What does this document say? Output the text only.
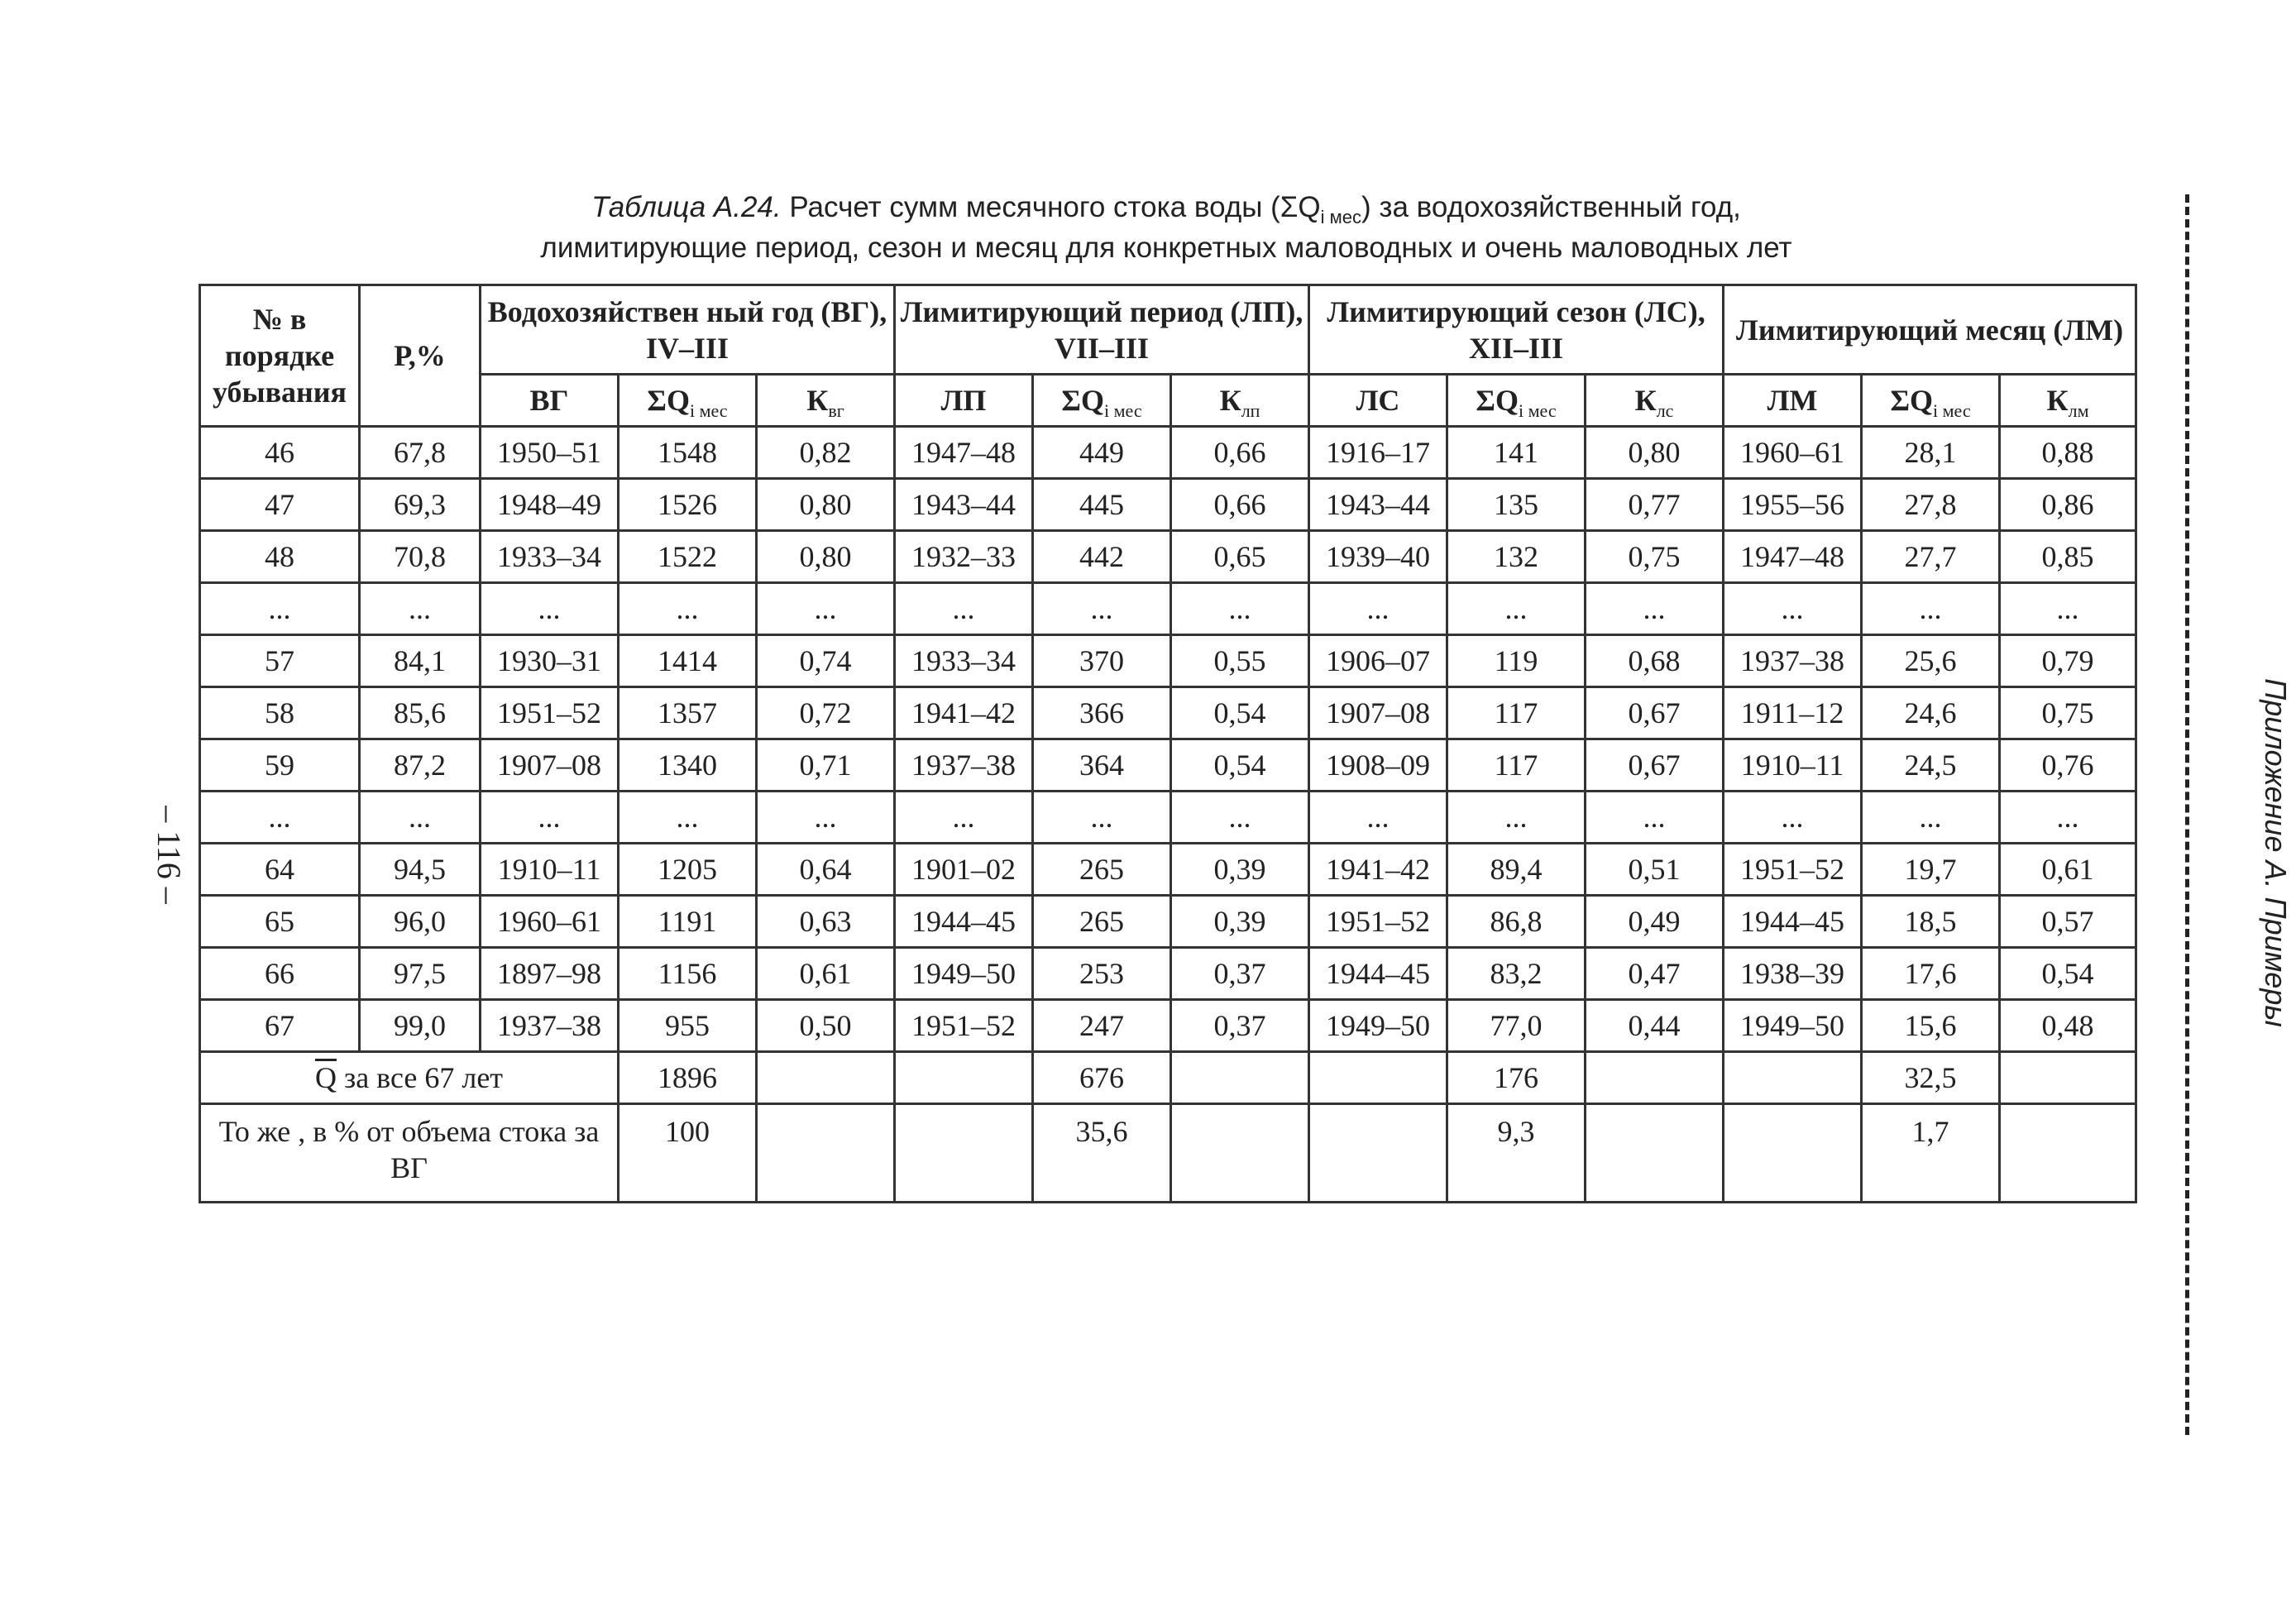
Таблица А.24. Расчет сумм месячного стока воды $(\Sigma Q_{i мес})$ за водохозяйственный год,
лимитирующие период, сезон и месяц для конкретных маловодных и очень маловодных лет
№ в порядке убывания	Р,%	Водохозяйствен ный год (ВГ), IV–III			Лимитирующий период (ЛП), VII–III			Лимитирующий сезон (ЛС), XII–III			Лимитирующий месяц (ЛМ)		
		ВГ	$\Sigma Q_{i мес}$	$К_{вг}$	ЛП	$\Sigma Q_{i мес}$	$К_{лп}$	ЛС	$\Sigma Q_{i мес}$	$К_{лс}$	ЛМ	$\Sigma Q_{i мес}$	$К_{лм}$
46	67,8	1950–51	1548	0,82	1947–48	449	0,66	1916–17	141	0,80	1960–61	28,1	0,88
47	69,3	1948–49	1526	0,80	1943–44	445	0,66	1943–44	135	0,77	1955–56	27,8	0,86
48	70,8	1933–34	1522	0,80	1932–33	442	0,65	1939–40	132	0,75	1947–48	27,7	0,85
...	...	...	...	...	...	...	...	...	...	...	...	...	...
57	84,1	1930–31	1414	0,74	1933–34	370	0,55	1906–07	119	0,68	1937–38	25,6	0,79
58	85,6	1951–52	1357	0,72	1941–42	366	0,54	1907–08	117	0,67	1911–12	24,6	0,75
59	87,2	1907–08	1340	0,71	1937–38	364	0,54	1908–09	117	0,67	1910–11	24,5	0,76
...	...	...	...	...	...	...	...	...	...	...	...	...	...
64	94,5	1910–11	1205	0,64	1901–02	265	0,39	1941–42	89,4	0,51	1951–52	19,7	0,61
65	96,0	1960–61	1191	0,63	1944–45	265	0,39	1951–52	86,8	0,49	1944–45	18,5	0,57
66	97,5	1897–98	1156	0,61	1949–50	253	0,37	1944–45	83,2	0,47	1938–39	17,6	0,54
67	99,0	1937–38	955	0,50	1951–52	247	0,37	1949–50	77,0	0,44	1949–50	15,6	0,48
$\overline{Q}$ за все 67 лет			1896			676			176			32,5	
То же , в % от объема стока за ВГ			100			35,6			9,3			1,7	
– 116 –	Приложение А. Примеры
